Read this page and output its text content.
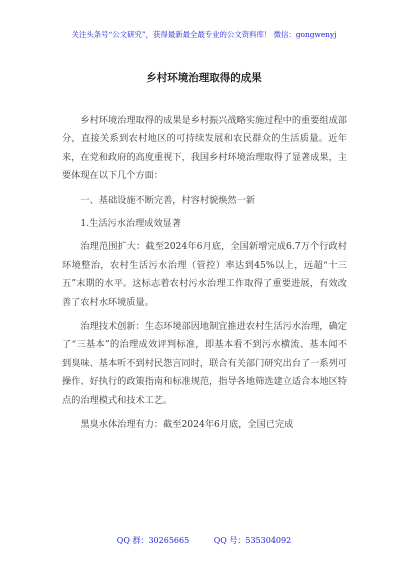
关注头条号“公文研究”，获得最新最全最专业的公文资料库！ 微信：gongwenyj
乡村环境治理取得的成果

乡村环境治理取得的成果是乡村振兴战略实施过程中的重要组成部分，直接关系到农村地区的可持续发展和农民群众的生活质量。近年来，在党和政府的高度重视下，我国乡村环境治理取得了显著成果，主要体现在以下几个方面：

一、基础设施不断完善，村容村貌焕然一新

1.生活污水治理成效显著

治理范围扩大：截至2024年6月底，全国新增完成6.7万个行政村环境整治，农村生活污水治理（管控）率达到45%以上，远超“十三五”末期的水平。这标志着农村污水治理工作取得了重要进展，有效改善了农村水环境质量。

治理技术创新：生态环境部因地制宜推进农村生活污水治理，确定了“三基本”的治理成效评判标准，即基本看不到污水横流、基本闻不到臭味、基本听不到村民怨言同时，联合有关部门研究出台了一系列可操作、好执行的政策指南和标准规范，指导各地筛选建立适合本地区特点的治理模式和技术工艺。

黑臭水体治理有力：截至2024年6月底，全国已完成

QQ 群：30265665	QQ 号：535304092
